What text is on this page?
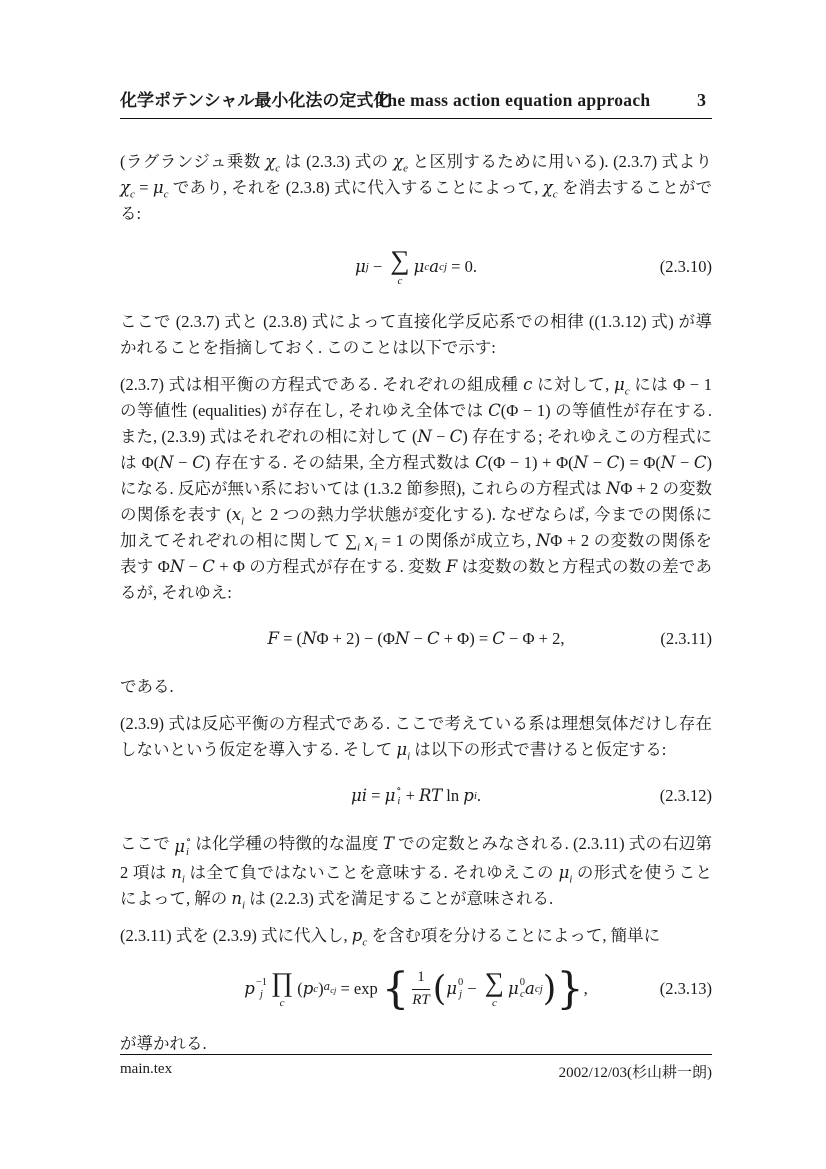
化学ポテンシャル最小化法の定式化
The mass action equation approach	3

(ラグランジュ乗数 $\chi_c$ は (2.3.3) 式の $\chi_e$ と区別するために用いる). (2.3.7) 式より $\chi_c = \mu_c$ であり, それを (2.3.8) 式に代入することによって, $\chi_c$ を消去することがでる:

μ j − ∑
c
μ c a cj = 0.	(2.3.10)

ここで (2.3.7) 式と (2.3.8) 式によって直接化学反応系での相律 ((1.3.12) 式) が導かれることを指摘しておく. このことは以下で示す:

(2.3.7) 式は相平衡の方程式である. それぞれの組成種 c に対して, $\mu_c$ には Φ − 1 の等値性 (equalities) が存在し, それゆえ全体では C(Φ − 1) の等値性が存在する. また, (2.3.9) 式はそれぞれの相に対して (N − C) 存在する; それゆえこの方程式には Φ(N − C) 存在する. その結果, 全方程式数は C(Φ − 1) + Φ(N − C) = Φ(N − C) になる. 反応が無い系においては (1.3.2 節参照), これらの方程式は NΦ + 2 の変数の関係を表す ($x_i$ と 2 つの熱力学状態が変化する). なぜならば, 今までの関係に加えてそれぞれの相に関して $\sum_i$ $x_i = 1$ の関係が成立ち, NΦ + 2 の変数の関係を表す ΦN − C + Φ の方程式が存在する. 変数 F は変数の数と方程式の数の差であるが, それゆえ:

F = ( N Φ + 2) − (Φ N − C + Φ) = C − Φ + 2,	(2.3.11)

である.

(2.3.9) 式は反応平衡の方程式である. ここで考えている系は理想気体だけし存在しないという仮定を導入する. そして $\mu_i$ は以下の形式で書けると仮定する:

μi = μ ∘
i + RT ln p i .	(2.3.12)

ここで μ ∘
i は化学種の特徴的な温度 T での定数とみなされる. (2.3.11) 式の右辺第 2 項は $n_i$ は全て負ではないことを意味する. それゆえこの $\mu_i$ の形式を使うことによって, 解の $n_i$ は (2.2.3) 式を満足することが意味される.

(2.3.11) 式を (2.3.9) 式に代入し, $p_c$ を含む項を分けることによって, 簡単に

p −1
j ∏
c
( p c ) $a_{cj} = \exp$ { $\frac{1}{RT}$ ( μ 0
j − ∑
c
μ 0
c a cj ) } ,	(2.3.13)

が導かれる.

main.tex	2002/12/03(杉山耕一朗)
